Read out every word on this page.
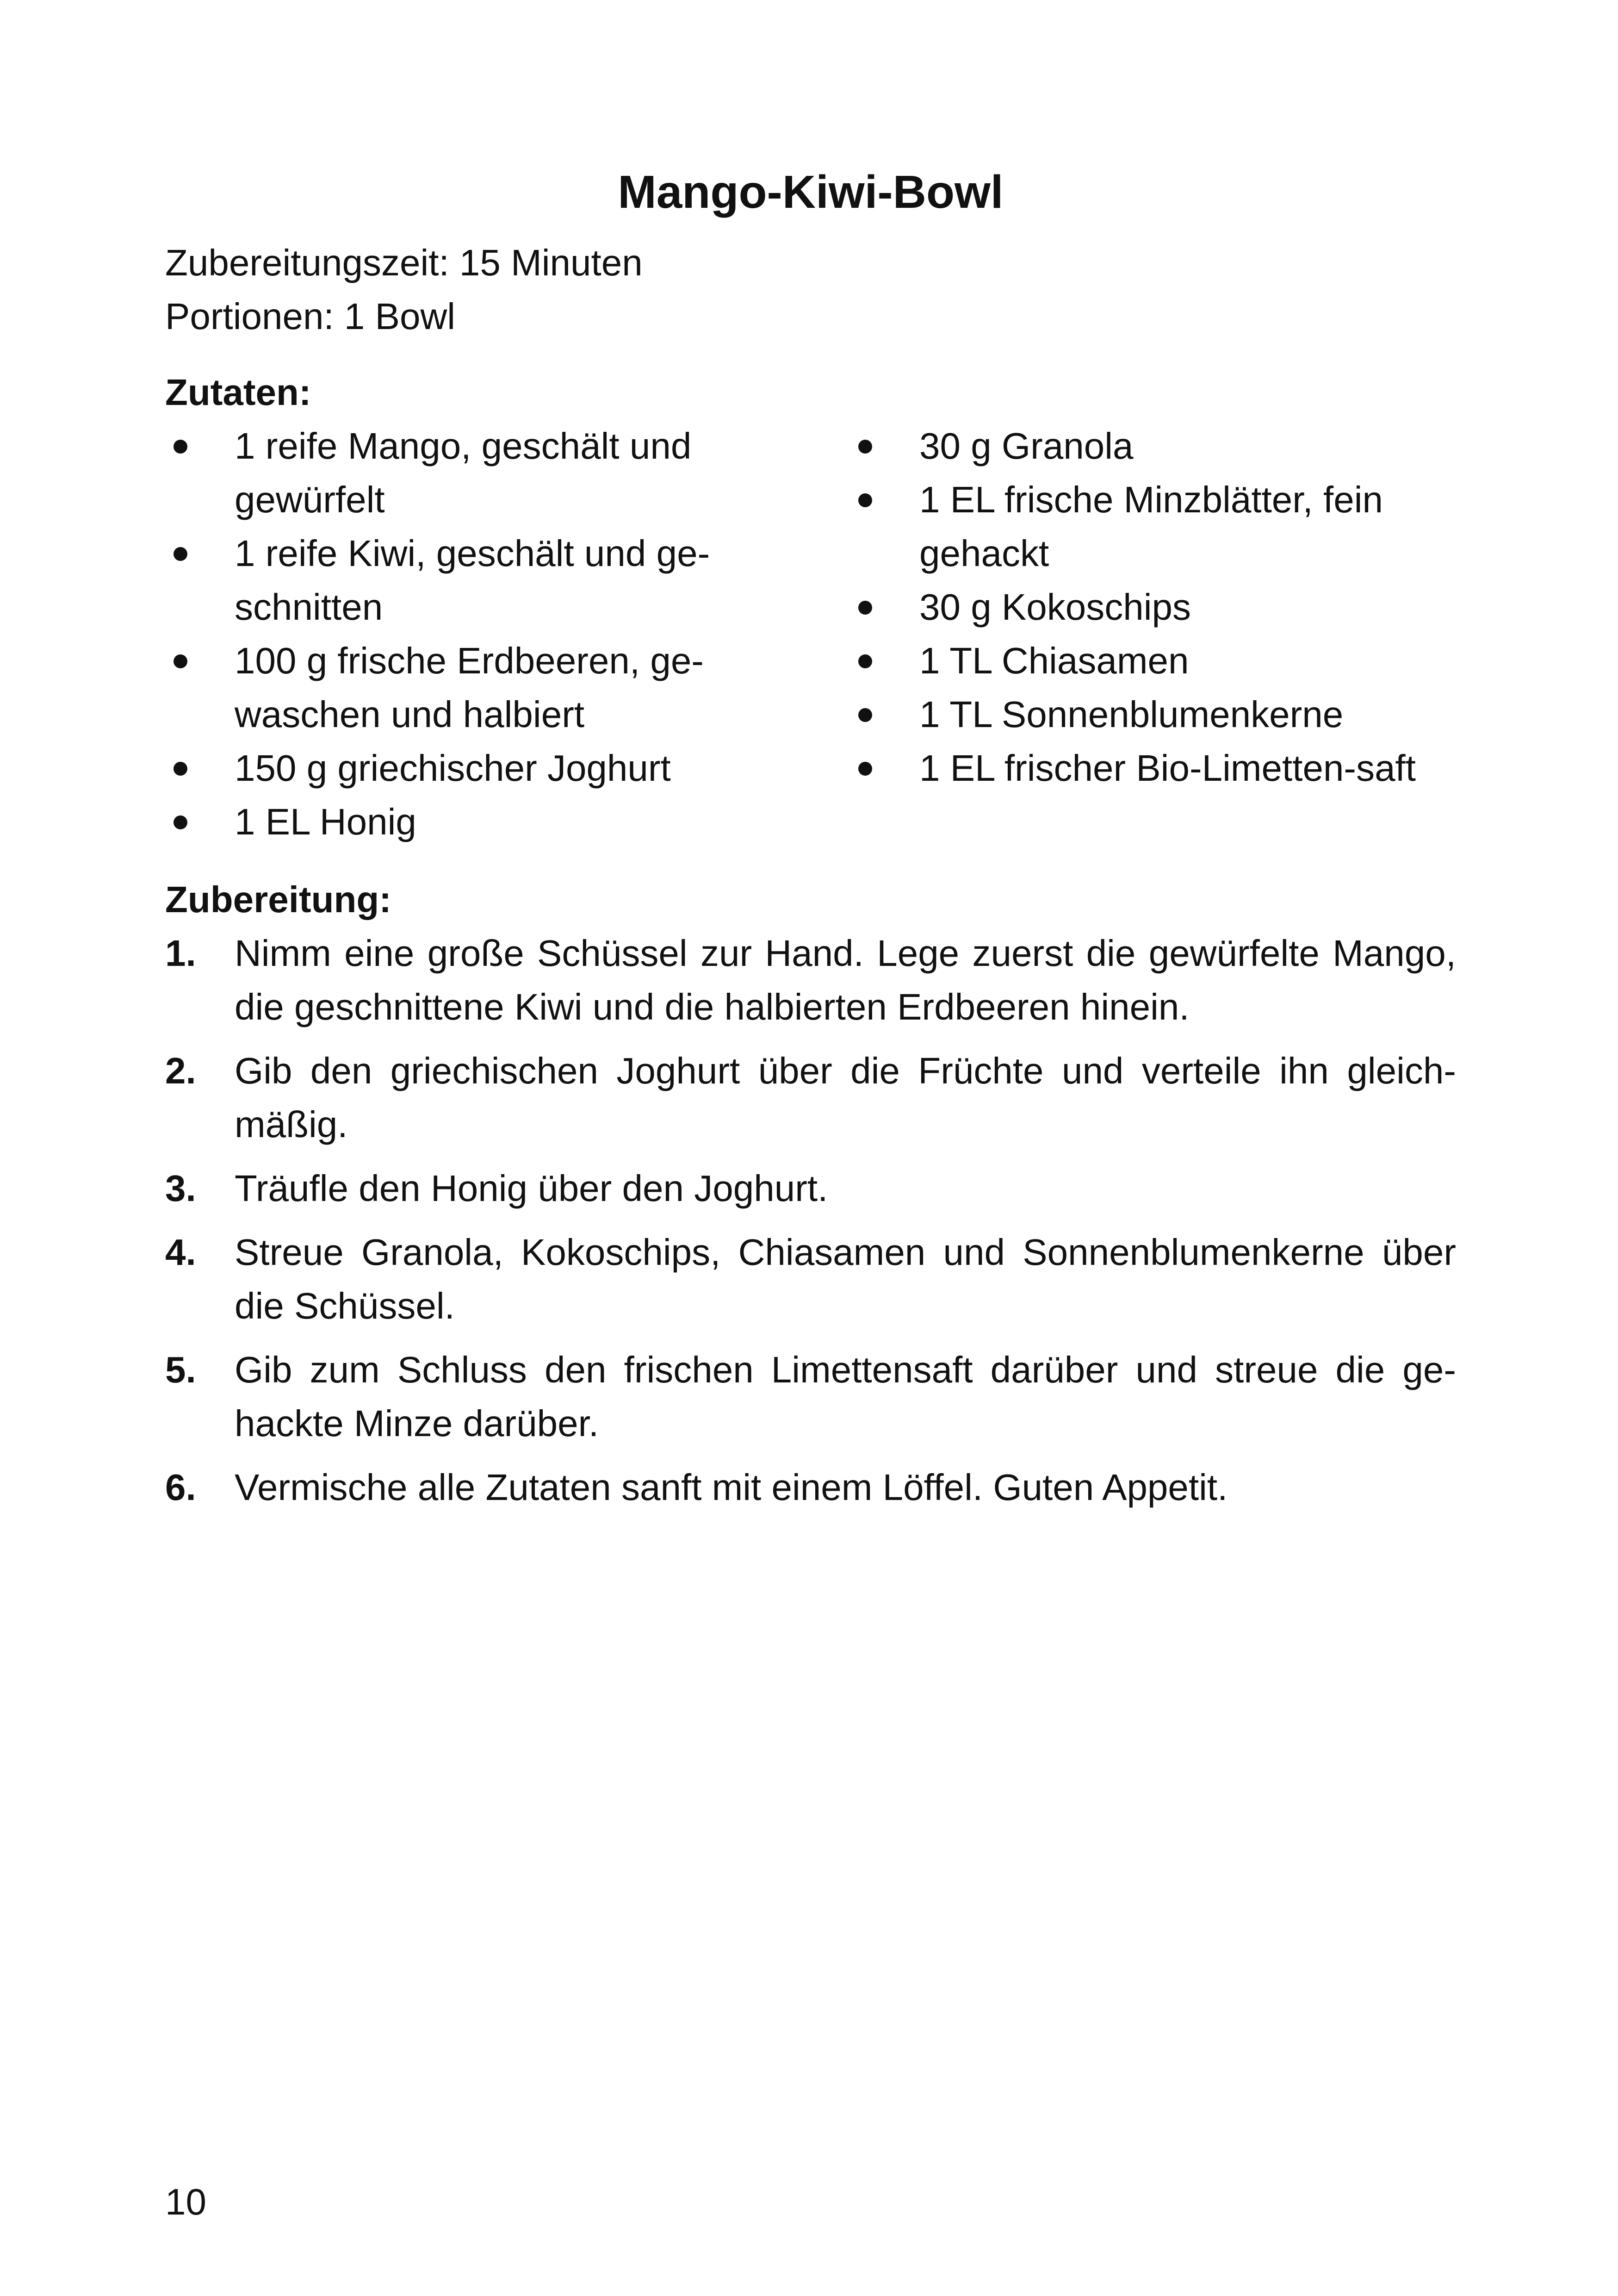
Mango-Kiwi-Bowl
Zubereitungszeit: 15 Minuten
Portionen: 1 Bowl
Zutaten:
1 reife Mango, geschält und gewürfelt
1 reife Kiwi, geschält und ge-schnitten
100 g frische Erdbeeren, ge-waschen und halbiert
150 g griechischer Joghurt
1 EL Honig
30 g Granola
1 EL frische Minzblätter, fein gehackt
30 g Kokoschips
1 TL Chiasamen
1 TL Sonnenblumenkerne
1 EL frischer Bio-Limetten-saft
Zubereitung:
1. Nimm eine große Schüssel zur Hand. Lege zuerst die gewürfelte Mango, die geschnittene Kiwi und die halbierten Erdbeeren hinein.
2. Gib den griechischen Joghurt über die Früchte und verteile ihn gleich-mäßig.
3. Träufle den Honig über den Joghurt.
4. Streue Granola, Kokoschips, Chiasamen und Sonnenblumenkerne über die Schüssel.
5. Gib zum Schluss den frischen Limettensaft darüber und streue die ge-hackte Minze darüber.
6. Vermische alle Zutaten sanft mit einem Löffel. Guten Appetit.
10
